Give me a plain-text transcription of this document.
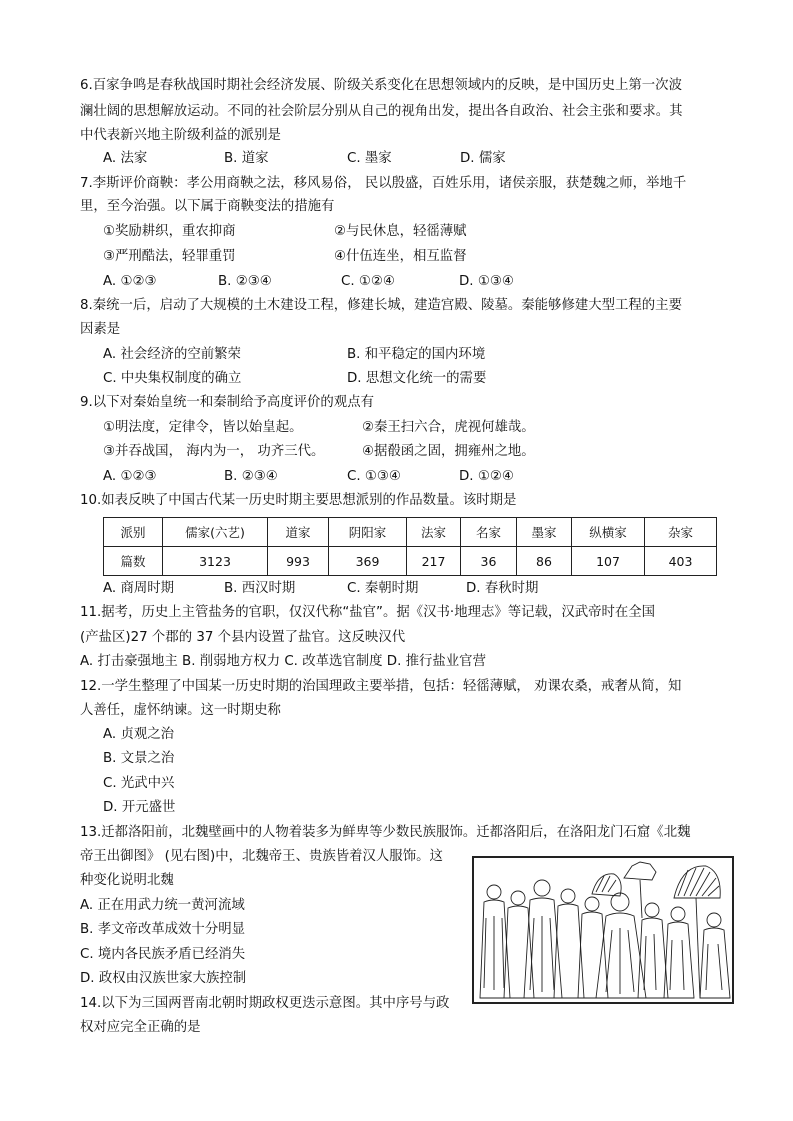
6.百家争鸣是春秋战国时期社会经济发展、阶级关系变化在思想领域内的反映，是中国历史上第一次波
澜壮阔的思想解放运动。不同的社会阶层分别从自己的视角出发，提出各自政治、社会主张和要求。其
中代表新兴地主阶级利益的派别是
A. 法家	B. 道家	C. 墨家	D. 儒家
7.李斯评价商鞅：孝公用商鞅之法，移风易俗， 民以殷盛，百姓乐用，诸侯亲服，获楚魏之师，举地千
里，至今治强。以下属于商鞅变法的措施有
①奖励耕织，重农抑商	②与民休息，轻徭薄赋
③严刑酷法，轻罪重罚	④什伍连坐，相互监督
A. ①②③	B. ②③④	C. ①②④	D. ①③④
8.秦统一后，启动了大规模的土木建设工程，修建长城，建造宫殿、陵墓。秦能够修建大型工程的主要
因素是
A. 社会经济的空前繁荣	B. 和平稳定的国内环境
C. 中央集权制度的确立	D. 思想文化统一的需要
9.以下对秦始皇统一和秦制给予高度评价的观点有
①明法度，定律令，皆以始皇起。	②秦王扫六合，虎视何雄哉。
③并吞战国， 海内为一， 功齐三代。	④据殽函之固，拥雍州之地。
A. ①②③	B. ②③④	C. ①③④	D. ①②④
10.如表反映了中国古代某一历史时期主要思想派别的作品数量。该时期是
派别	儒家(六艺)	道家	阴阳家	法家	名家	墨家	纵横家	杂家
篇数	3123	993	369	217	36	86	107	403
A. 商周时期	B. 西汉时期	C. 秦朝时期	D. 春秋时期
11.据考，历史上主管盐务的官职，仅汉代称“盐官”。据《汉书·地理志》等记载，汉武帝时在全国
(产盐区)27 个郡的 37 个县内设置了盐官。这反映汉代
A. 打击豪强地主 B. 削弱地方权力 C. 改革选官制度 D. 推行盐业官营
12.一学生整理了中国某一历史时期的治国理政主要举措，包括：轻徭薄赋， 劝课农桑，戒奢从简，知
人善任，虚怀纳谏。这一时期史称
A. 贞观之治
B. 文景之治
C. 光武中兴
D. 开元盛世
13.迁都洛阳前，北魏壁画中的人物着装多为鲜卑等少数民族服饰。迁都洛阳后，在洛阳龙门石窟《北魏
帝王出御图》 (见右图)中，北魏帝王、贵族皆着汉人服饰。这
种变化说明北魏
A. 正在用武力统一黄河流域
B. 孝文帝改革成效十分明显
C. 境内各民族矛盾已经消失
D. 政权由汉族世家大族控制
14.以下为三国两晋南北朝时期政权更迭示意图。其中序号与政
权对应完全正确的是
